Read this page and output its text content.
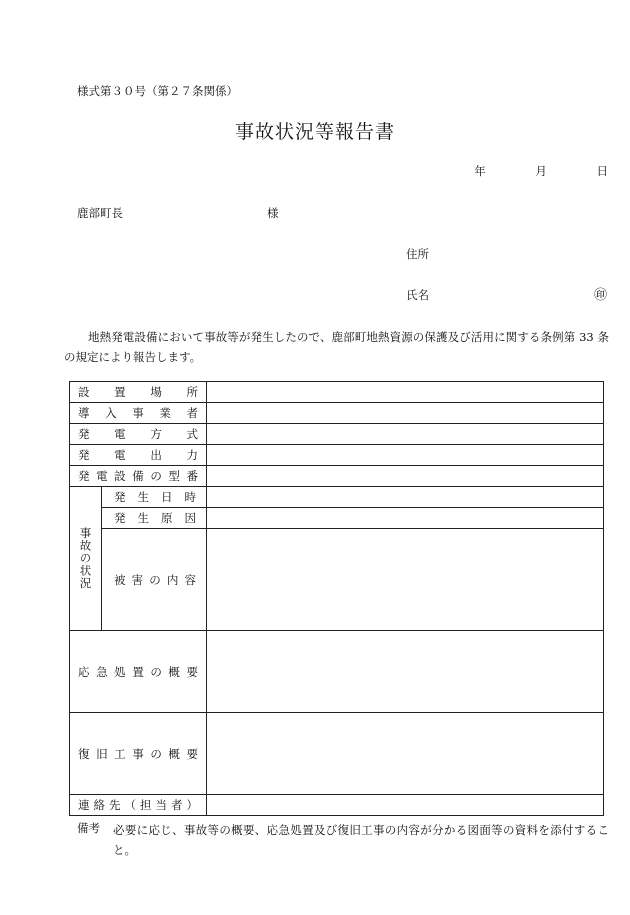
様式第３０号（第２７条関係）
事故状況等報告書
年	月	日
鹿部町長	様
住所
氏名	㊞
地熱発電設備において事故等が発生したので、鹿部町地熱資源の保護及び活用に関する条例第 33 条の規定により報告します。
設置場所		
導入事業者		
発電方式		
発電出力		
発電設備の型番		
事故の状況	発生日時	
	発生原因	
	被害の内容	
応急処置の概要		
復旧工事の概要		
連絡先（担当者）		
備考 必要に応じ、事故等の概要、応急処置及び復旧工事の内容が分かる図面等の資料を添付すること。
